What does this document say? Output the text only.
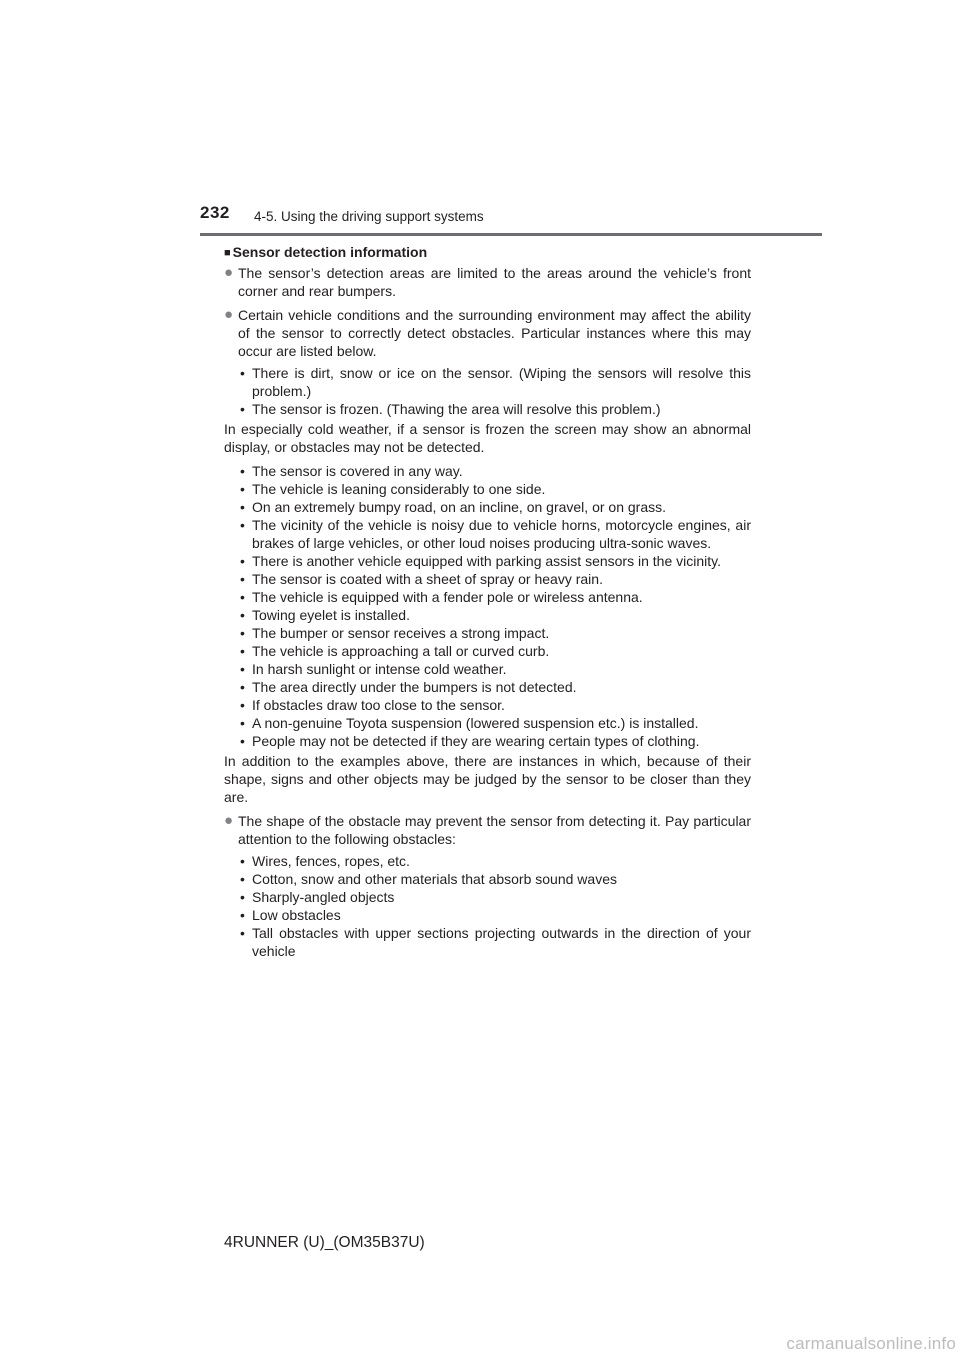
232 4-5. Using the driving support systems
■ Sensor detection information
● The sensor’s detection areas are limited to the areas around the vehicle’s front corner and rear bumpers.
● Certain vehicle conditions and the surrounding environment may affect the ability of the sensor to correctly detect obstacles. Particular instances where this may occur are listed below.
• There is dirt, snow or ice on the sensor. (Wiping the sensors will resolve this problem.)
• The sensor is frozen. (Thawing the area will resolve this problem.)
In especially cold weather, if a sensor is frozen the screen may show an abnormal display, or obstacles may not be detected.
• The sensor is covered in any way.
• The vehicle is leaning considerably to one side.
• On an extremely bumpy road, on an incline, on gravel, or on grass.
• The vicinity of the vehicle is noisy due to vehicle horns, motorcycle engines, air brakes of large vehicles, or other loud noises producing ultra-sonic waves.
• There is another vehicle equipped with parking assist sensors in the vicinity.
• The sensor is coated with a sheet of spray or heavy rain.
• The vehicle is equipped with a fender pole or wireless antenna.
• Towing eyelet is installed.
• The bumper or sensor receives a strong impact.
• The vehicle is approaching a tall or curved curb.
• In harsh sunlight or intense cold weather.
• The area directly under the bumpers is not detected.
• If obstacles draw too close to the sensor.
• A non-genuine Toyota suspension (lowered suspension etc.) is installed.
• People may not be detected if they are wearing certain types of clothing.
In addition to the examples above, there are instances in which, because of their shape, signs and other objects may be judged by the sensor to be closer than they are.
● The shape of the obstacle may prevent the sensor from detecting it. Pay particular attention to the following obstacles:
• Wires, fences, ropes, etc.
• Cotton, snow and other materials that absorb sound waves
• Sharply-angled objects
• Low obstacles
• Tall obstacles with upper sections projecting outwards in the direction of your vehicle
4RUNNER (U)_(OM35B37U)
carmanualsonline.info
